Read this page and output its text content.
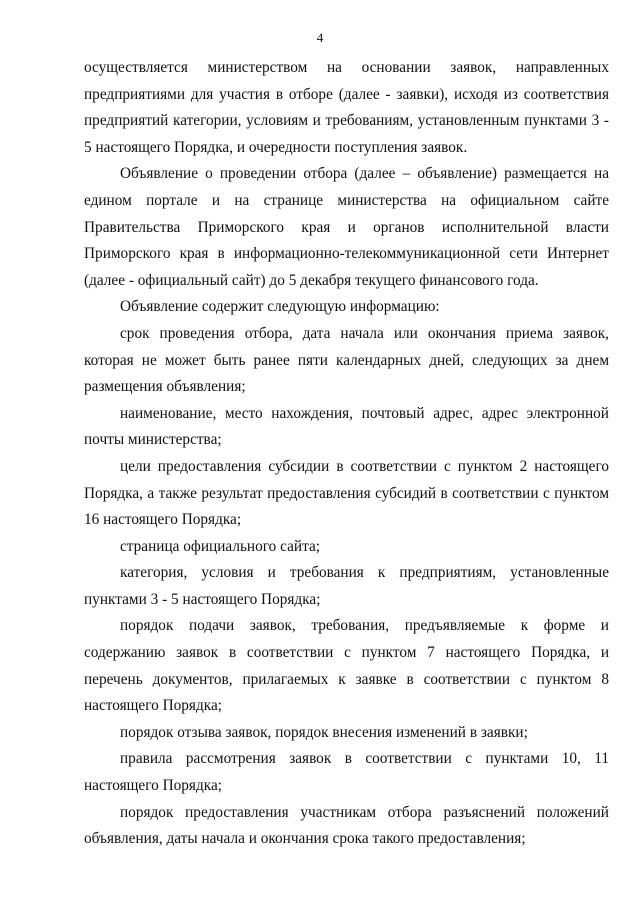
4

осуществляется министерством на основании заявок, направленных предприятиями для участия в отборе (далее - заявки), исходя из соответствия предприятий категории, условиям и требованиям, установленным пунктами 3 - 5 настоящего Порядка, и очередности поступления заявок.

Объявление о проведении отбора (далее – объявление) размещается на едином портале и на странице министерства на официальном сайте Правительства Приморского края и органов исполнительной власти Приморского края в информационно-телекоммуникационной сети Интернет (далее - официальный сайт) до 5 декабря текущего финансового года.

Объявление содержит следующую информацию:

срок проведения отбора, дата начала или окончания приема заявок, которая не может быть ранее пяти календарных дней, следующих за днем размещения объявления;

наименование, место нахождения, почтовый адрес, адрес электронной почты министерства;

цели предоставления субсидии в соответствии с пунктом 2 настоящего Порядка, а также результат предоставления субсидий в соответствии с пунктом 16 настоящего Порядка;

страница официального сайта;

категория, условия и требования к предприятиям, установленные пунктами 3 - 5 настоящего Порядка;

порядок подачи заявок, требования, предъявляемые к форме и содержанию заявок в соответствии с пунктом 7 настоящего Порядка, и перечень документов, прилагаемых к заявке в соответствии с пунктом 8 настоящего Порядка;

порядок отзыва заявок, порядок внесения изменений в заявки;

правила рассмотрения заявок в соответствии с пунктами 10, 11 настоящего Порядка;

порядок предоставления участникам отбора разъяснений положений объявления, даты начала и окончания срока такого предоставления;
